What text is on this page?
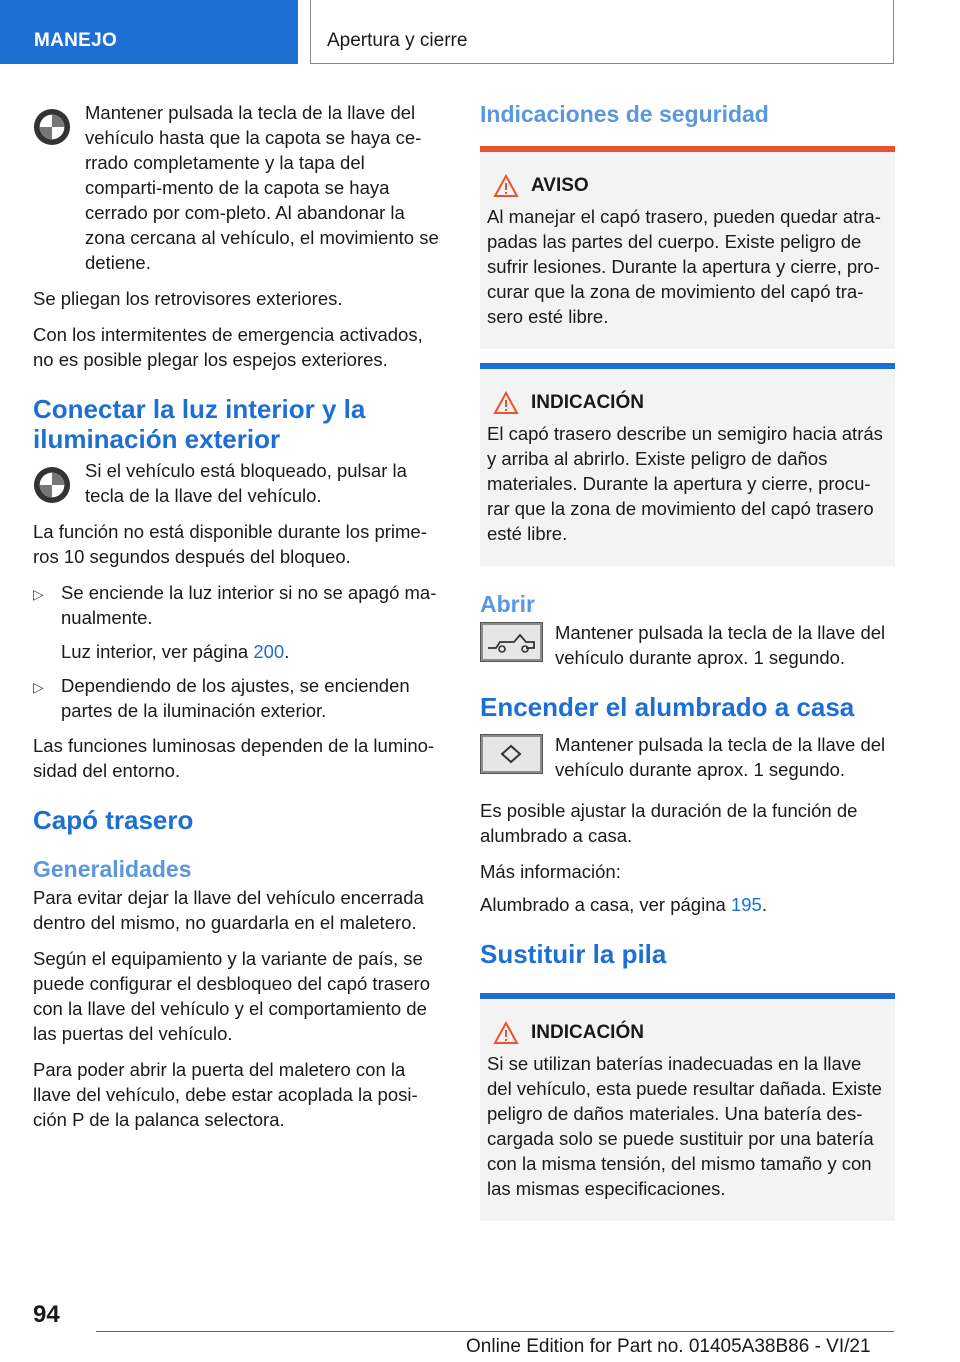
MANEJO	Apertura y cierre

Mantener pulsada la tecla de la llave del vehículo hasta que la capota se haya ce-rrado completamente y la tapa del comparti-mento de la capota se haya cerrado por com-pleto. Al abandonar la zona cercana al vehículo, el movimiento se detiene.

Se pliegan los retrovisores exteriores.

Con los intermitentes de emergencia activados, no es posible plegar los espejos exteriores.

Conectar la luz interior y la iluminación exterior

Si el vehículo está bloqueado, pulsar la tecla de la llave del vehículo.

La función no está disponible durante los prime-ros 10 segundos después del bloqueo.

▷ Se enciende la luz interior si no se apagó ma-nualmente.
Luz interior, ver página 200.
▷ Dependiendo de los ajustes, se encienden partes de la iluminación exterior.

Las funciones luminosas dependen de la lumino-sidad del entorno.

Capó trasero
Generalidades

Para evitar dejar la llave del vehículo encerrada dentro del mismo, no guardarla en el maletero.

Según el equipamiento y la variante de país, se puede configurar el desbloqueo del capó trasero con la llave del vehículo y el comportamiento de las puertas del vehículo.

Para poder abrir la puerta del maletero con la llave del vehículo, debe estar acoplada la posi-ción P de la palanca selectora.

Indicaciones de seguridad
AVISO

Al manejar el capó trasero, pueden quedar atra-padas las partes del cuerpo. Existe peligro de sufrir lesiones. Durante la apertura y cierre, pro-curar que la zona de movimiento del capó tra-sero esté libre.

INDICACIÓN

El capó trasero describe un semigiro hacia atrás y arriba al abrirlo. Existe peligro de daños materiales. Durante la apertura y cierre, procu-rar que la zona de movimiento del capó trasero esté libre.

Abrir

Mantener pulsada la tecla de la llave del vehículo durante aprox. 1 segundo.

Encender el alumbrado a casa

Mantener pulsada la tecla de la llave del vehículo durante aprox. 1 segundo.

Es posible ajustar la duración de la función de alumbrado a casa.

Más información:

Alumbrado a casa, ver página 195.

Sustituir la pila
INDICACIÓN

Si se utilizan baterías inadecuadas en la llave del vehículo, esta puede resultar dañada. Existe peligro de daños materiales. Una batería des-cargada solo se puede sustituir por una batería con la misma tensión, del mismo tamaño y con las mismas especificaciones.

94
Online Edition for Part no. 01405A38B86 - VI/21
